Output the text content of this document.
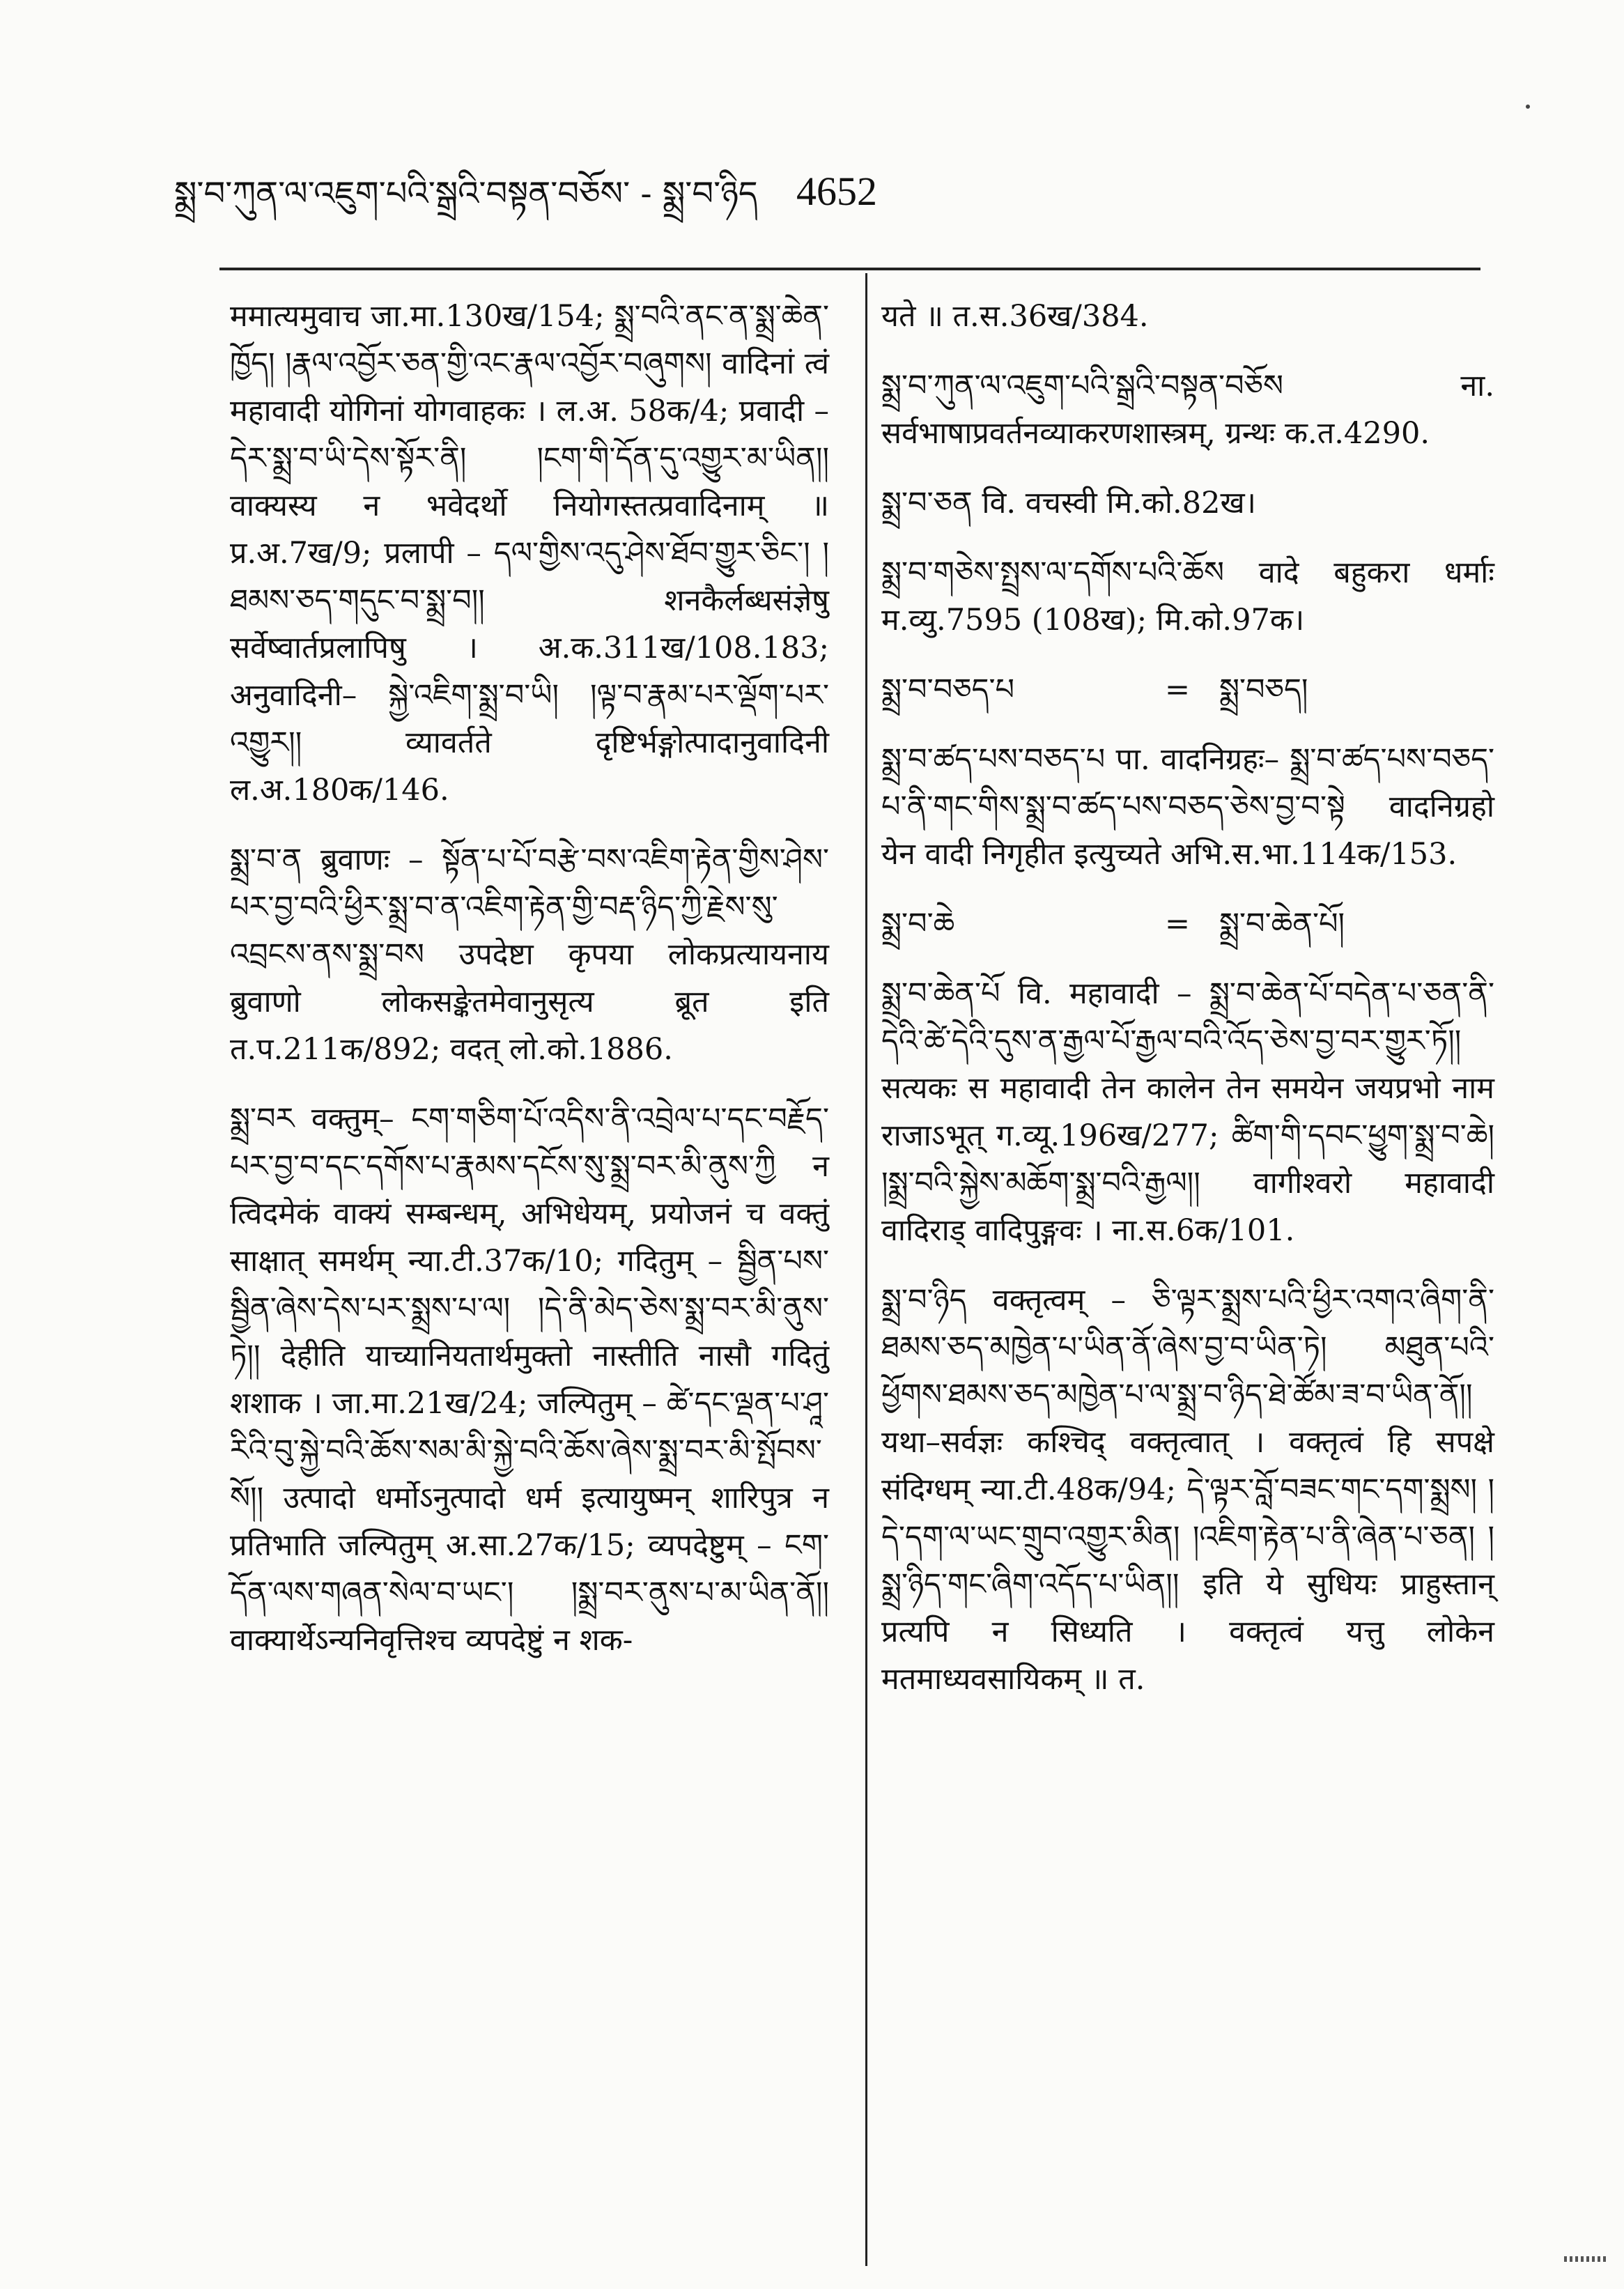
སྨྲ་བ་ཀུན་ལ་འཇུག་པའི་སྒྲའི་བསྟན་བཅོས་ - སྨྲ་བ་ཉིད 4652

ममात्यमुवाच जा.मा.130ख/154; སྨྲ་བའི་ནང་ན་སྨྲ་ཆེན་ཁྱོད། །རྣལ་འབྱོར་ཅན་གྱི་འང་རྣལ་འབྱོར་བཞུགས། वादिनां त्वं महावादी योगिनां योगवाहकः । ल.अ. 58क/4; प्रवादी – དེར་སྨྲ་བ་ཡི་དེས་སྟོར་ནི། །ངག་གི་དོན་དུ་འགྱུར་མ་ཡིན།། वाक्यस्य न भवेदर्थो नियोगस्तत्प्रवादिनाम् ॥ प्र.अ.7ख/9; प्रलापी – དལ་གྱིས་འདུ་ཤེས་ཐོབ་གྱུར་ཅིང་། །ཐམས་ཅད་གདུང་བ་སྨྲ་བ།། शनकैर्लब्धसंज्ञेषु सर्वेष्वार्तप्रलापिषु । अ.क.311ख/108.183; अनुवादिनी– སྐྱེ་འཇིག་སྨྲ་བ་ཡི། །ལྟ་བ་རྣམ་པར་ལྡོག་པར་འགྱུར།། व्यावर्तते दृष्टिर्भङ्गोत्पादानुवादिनी ल.अ.180क/146.

སྨྲ་བ་ན ब्रुवाणः – སྟོན་པ་པོ་བརྩེ་བས་འཇིག་རྟེན་གྱིས་ཤེས་པར་བྱ་བའི་ཕྱིར་སྨྲ་བ་ན་འཇིག་རྟེན་གྱི་བརྡ་ཉིད་ཀྱི་རྗེས་སུ་འབྲངས་ནས་སྨྲ་བས उपदेष्टा कृपया लोकप्रत्यायनाय ब्रुवाणो लोकसङ्केतमेवानुसृत्य ब्रूत इति त.प.211क/892; वदत् लो.को.1886.

སྨྲ་བར वक्तुम्– ངག་གཅིག་པོ་འདིས་ནི་འབྲེལ་པ་དང་བརྗོད་པར་བྱ་བ་དང་དགོས་པ་རྣམས་དངོས་སུ་སྨྲ་བར་མི་ནུས་ཀྱི न त्विदमेकं वाक्यं सम्बन्धम्, अभिधेयम्, प्रयोजनं च वक्तुं साक्षात् समर्थम् न्या.टी.37क/10; गदितुम् – སྦྱིན་པས་སྦྱིན་ཞེས་དེས་པར་སྨྲས་པ་ལ། །དེ་ནི་མེད་ཅེས་སྨྲ་བར་མི་ནུས་ཏེ།། देहीति याच्यानियतार्थमुक्तो नास्तीति नासौ गदितुं शशाक । जा.मा.21ख/24; जल्पितुम् – ཚེ་དང་ལྡན་པ་ཤཱ་རིའི་བུ་སྐྱེ་བའི་ཆོས་སམ་མི་སྐྱེ་བའི་ཆོས་ཞེས་སྨྲ་བར་མི་སྤོབས་སོ།། उत्पादो धर्मोऽनुत्पादो धर्म इत्यायुष्मन् शारिपुत्र न प्रतिभाति जल्पितुम् अ.सा.27क/15; व्यपदेष्टुम् – ངག་དོན་ལས་གཞན་སེལ་བ་ཡང་། །སྨྲ་བར་ནུས་པ་མ་ཡིན་ནོ།། वाक्यार्थेऽन्यनिवृत्तिश्च व्यपदेष्टुं न शक-

यते ॥ त.स.36ख/384.

སྨྲ་བ་ཀུན་ལ་འཇུག་པའི་སྒྲའི་བསྟན་བཅོས ना. सर्वभाषाप्रवर्तनव्याकरणशास्त्रम्, ग्रन्थः क.त.4290.

སྨྲ་བ་ཅན वि. वचस्वी मि.को.82ख।

སྨྲ་བ་གཅེས་སྤྲས་ལ་དགོས་པའི་ཆོས वादे बहुकरा धर्माः म.व्यु.7595 (108ख); मि.को.97क।

སྨྲ་བ་བཅད་པ	= སྨྲ་བཅད།

སྨྲ་བ་ཚད་པས་བཅད་པ पा. वादनिग्रहः– སྨྲ་བ་ཚད་པས་བཅད་པ་ནི་གང་གིས་སྨྲ་བ་ཚད་པས་བཅད་ཅེས་བྱ་བ་སྟེ वादनिग्रहो येन वादी निगृहीत इत्युच्यते अभि.स.भा.114क/153.

སྨྲ་བ་ཆེ	= སྨྲ་བ་ཆེན་པོ།

སྨྲ་བ་ཆེན་པོ वि. महावादी – སྨྲ་བ་ཆེན་པོ་བདེན་པ་ཅན་ནི་དེའི་ཚེ་དེའི་དུས་ན་རྒྱལ་པོ་རྒྱལ་བའི་འོད་ཅེས་བྱ་བར་གྱུར་ཏོ།། सत्यकः स महावादी तेन कालेन तेन समयेन जयप्रभो नाम राजाऽभूत् ग.व्यू.196ख/277; ཚིག་གི་དབང་ཕྱུག་སྨྲ་བ་ཆེ། །སྨྲ་བའི་སྐྱེས་མཆོག་སྨྲ་བའི་རྒྱལ།། वागीश्वरो महावादी वादिराड् वादिपुङ्गवः । ना.स.6क/101.

སྨྲ་བ་ཉིད वक्तृत्वम् – ཅི་ལྟར་སྨྲས་པའི་ཕྱིར་འགའ་ཞིག་ནི་ཐམས་ཅད་མཁྱེན་པ་ཡིན་ནོ་ཞེས་བྱ་བ་ཡིན་ཏེ། མཐུན་པའི་ཕྱོགས་ཐམས་ཅད་མཁྱེན་པ་ལ་སྨྲ་བ་ཉིད་ཐེ་ཚོམ་ཟ་བ་ཡིན་ནོ།། यथा–सर्वज्ञः कश्चिद् वक्तृत्वात् । वक्तृत्वं हि सपक्षे संदिग्धम् न्या.टी.48क/94; དེ་ལྟར་བློ་བཟང་གང་དག་སྨྲས། །དེ་དག་ལ་ཡང་གྲུབ་འགྱུར་མིན། །འཇིག་རྟེན་པ་ནི་ཞེན་པ་ཅན། །སྨྲ་ཉིད་གང་ཞིག་འདོད་པ་ཡིན།། इति ये सुधियः प्राहुस्तान् प्रत्यपि न सिध्यति । वक्तृत्वं यत्तु लोकेन मतमाध्यवसायिकम् ॥ त.
